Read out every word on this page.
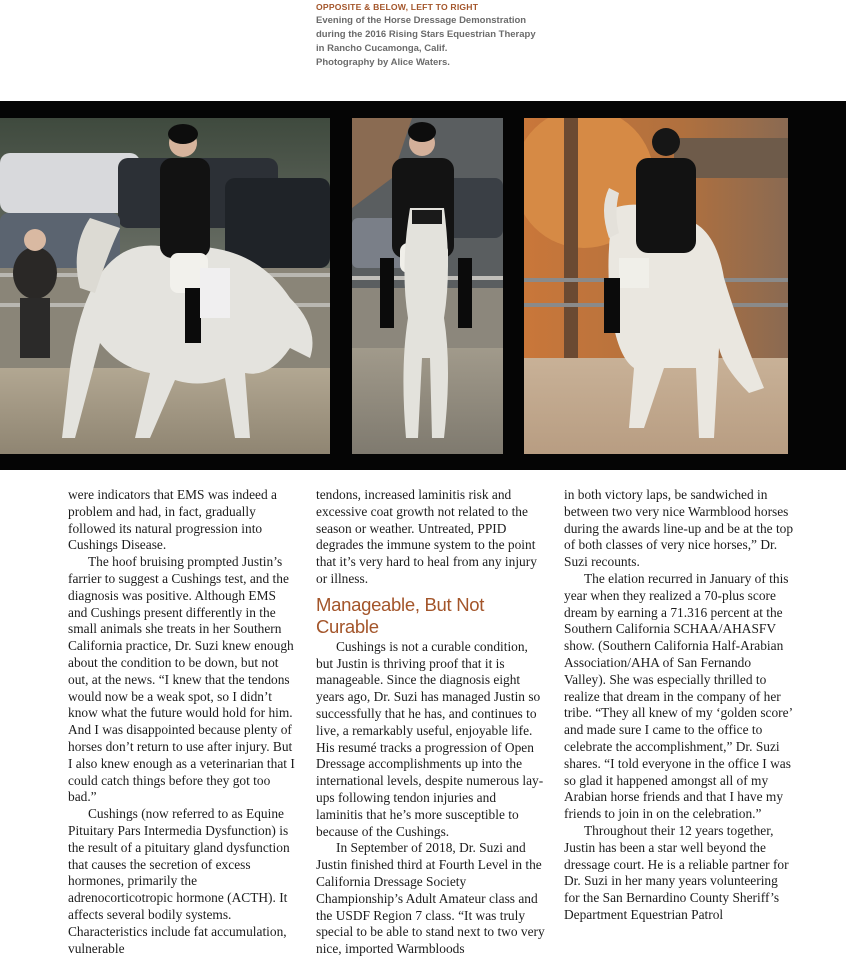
OPPOSITE & BELOW, LEFT TO RIGHT
Evening of the Horse Dressage Demonstration
during the 2016 Rising Stars Equestrian Therapy
in Rancho Cucamonga, Calif.
Photography by Alice Waters.

were indicators that EMS was indeed a problem and had, in fact, gradually followed its natural progression into Cushings Disease.

The hoof bruising prompted Justin’s farrier to suggest a Cushings test, and the diagnosis was positive. Although EMS and Cushings present differently in the small animals she treats in her Southern California practice, Dr. Suzi knew enough about the condition to be down, but not out, at the news. “I knew that the tendons would now be a weak spot, so I didn’t know what the future would hold for him. And I was disappointed because plenty of horses don’t return to use after injury. But I also knew enough as a veterinarian that I could catch things before they got too bad.”

Cushings (now referred to as Equine Pituitary Pars Intermedia Dysfunction) is the result of a pituitary gland dysfunction that causes the secretion of excess hormones, primarily the adrenocorticotropic hormone (ACTH). It affects several bodily systems. Characteristics include fat accumulation, vulnerable

tendons, increased laminitis risk and excessive coat growth not related to the season or weather. Untreated, PPID degrades the immune system to the point that it’s very hard to heal from any injury or illness.

Manageable, But Not Curable

Cushings is not a curable condition, but Justin is thriving proof that it is manageable. Since the diagnosis eight years ago, Dr. Suzi has managed Justin so successfully that he has, and continues to live, a remarkably useful, enjoyable life. His resumé tracks a progression of Open Dressage accomplishments up into the international levels, despite numerous lay-ups following tendon injuries and laminitis that he’s more susceptible to because of the Cushings.

In September of 2018, Dr. Suzi and Justin finished third at Fourth Level in the California Dressage Society Championship’s Adult Amateur class and the USDF Region 7 class. “It was truly special to be able to stand next to two very nice, imported Warmbloods

in both victory laps, be sandwiched in between two very nice Warmblood horses during the awards line-up and be at the top of both classes of very nice horses,” Dr. Suzi recounts.

The elation recurred in January of this year when they realized a 70-plus score dream by earning a 71.316 percent at the Southern California SCHAA/AHASFV show. (Southern California Half-Arabian Association/AHA of San Fernando Valley). She was especially thrilled to realize that dream in the company of her tribe. “They all knew of my ‘golden score’ and made sure I came to the office to celebrate the accomplishment,” Dr. Suzi shares. “I told everyone in the office I was so glad it happened amongst all of my Arabian horse friends and that I have my friends to join in on the celebration.”

Throughout their 12 years together, Justin has been a star well beyond the dressage court. He is a reliable partner for Dr. Suzi in her many years volunteering for the San Bernardino County Sheriff’s Department Equestrian Patrol
